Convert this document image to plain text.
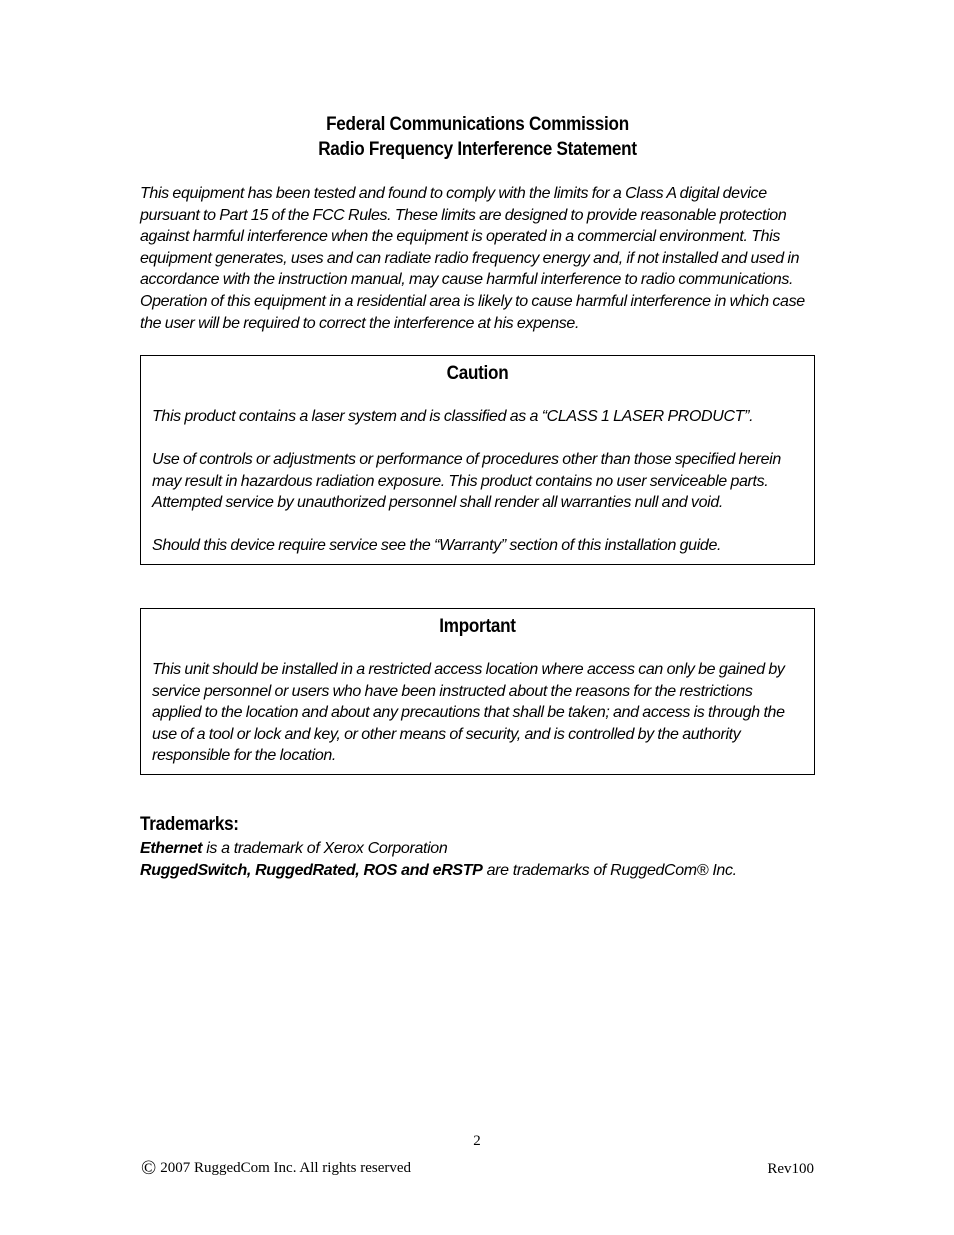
Federal Communications Commission
Radio Frequency Interference Statement
This equipment has been tested and found to comply with the limits for a Class A digital device pursuant to Part 15 of the FCC Rules. These limits are designed to provide reasonable protection against harmful interference when the equipment is operated in a commercial environment. This equipment generates, uses and can radiate radio frequency energy and, if not installed and used in accordance with the instruction manual, may cause harmful interference to radio communications. Operation of this equipment in a residential area is likely to cause harmful interference in which case the user will be required to correct the interference at his expense.
Caution

This product contains a laser system and is classified as a “CLASS 1 LASER PRODUCT”.

Use of controls or adjustments or performance of procedures other than those specified herein may result in hazardous radiation exposure. This product contains no user serviceable parts. Attempted service by unauthorized personnel shall render all warranties null and void.

Should this device require service see the “Warranty” section of this installation guide.

Important

This unit should be installed in a restricted access location where access can only be gained by service personnel or users who have been instructed about the reasons for the restrictions applied to the location and about any precautions that shall be taken; and access is through the use of a tool or lock and key, or other means of security, and is controlled by the authority responsible for the location.

Trademarks:
Ethernet is a trademark of Xerox Corporation
RuggedSwitch, RuggedRated, ROS and eRSTP are trademarks of RuggedCom® Inc.
2
© 2007 RuggedCom Inc. All rights reserved	Rev100
